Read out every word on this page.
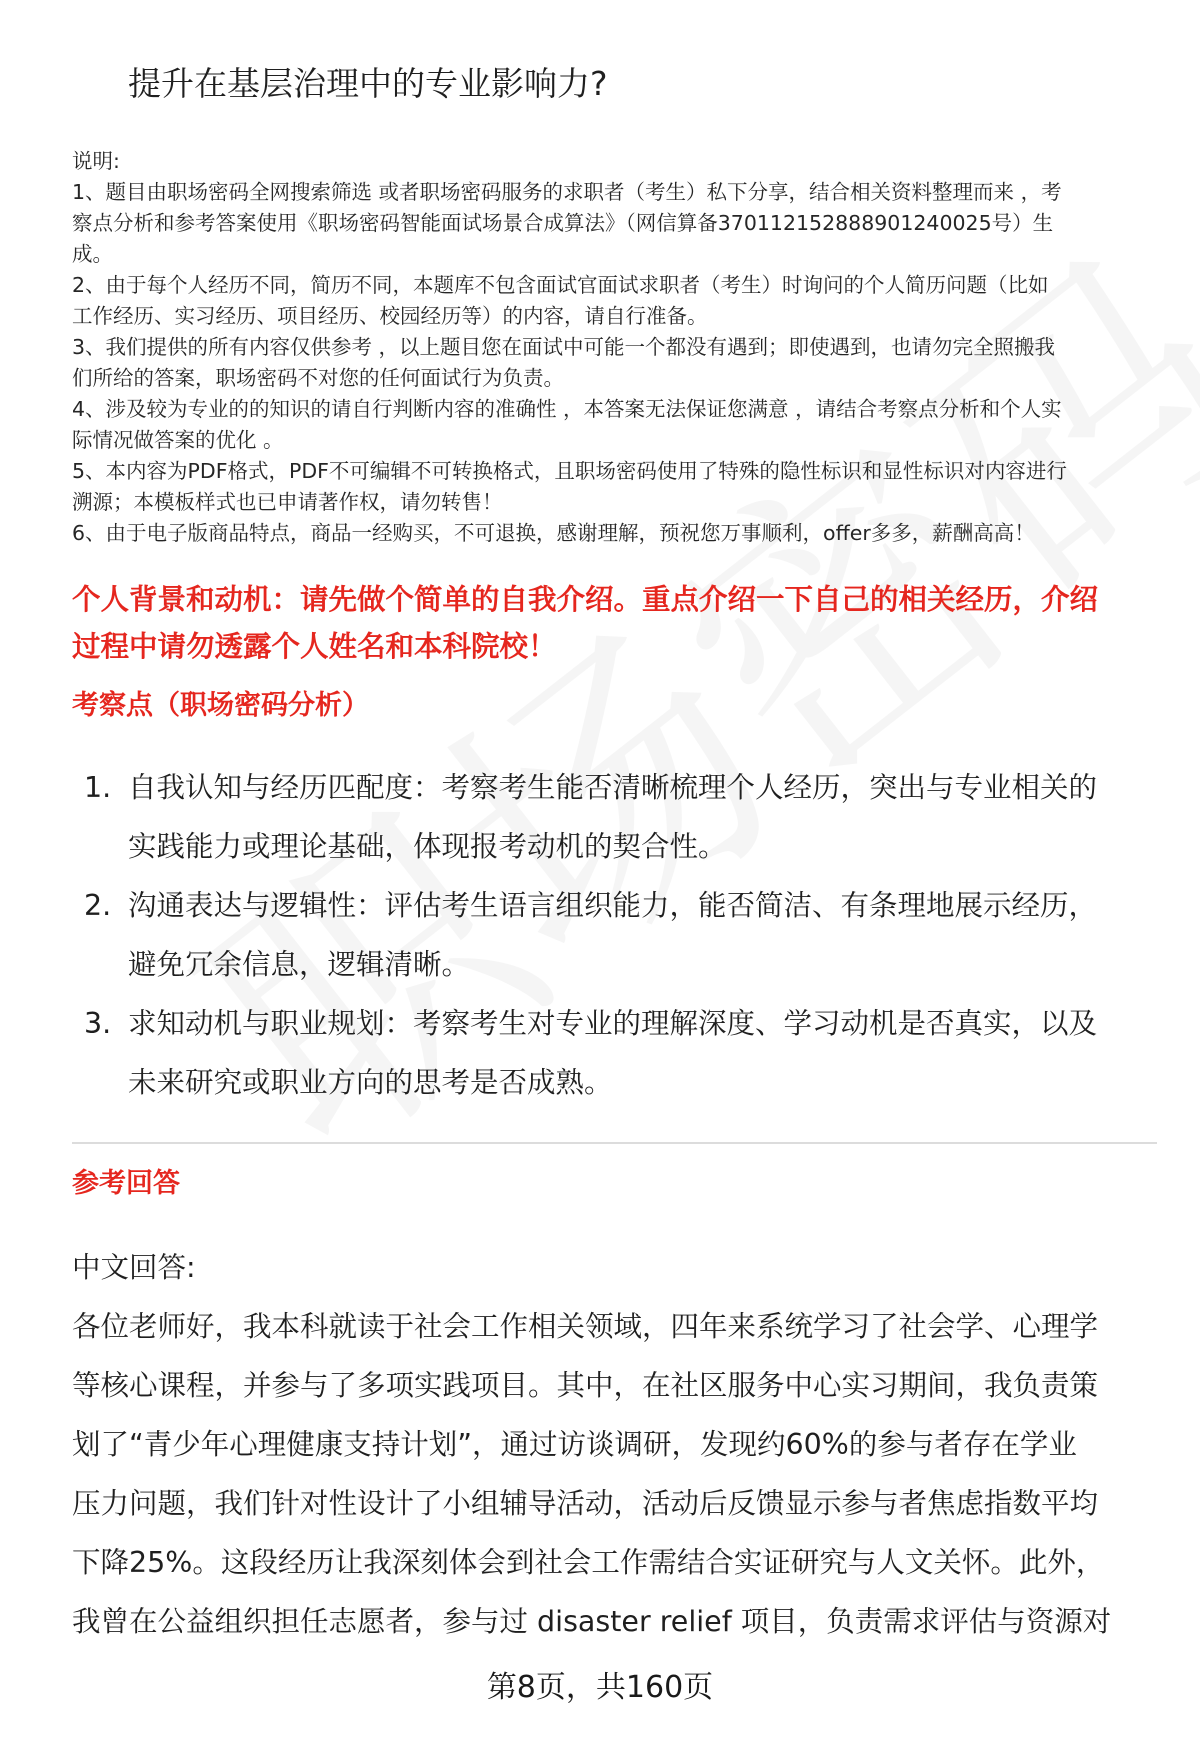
提升在基层治理中的专业影响力?
说明:
1、题目由职场密码全网搜索筛选 或者职场密码服务的求职者（考生）私下分享，结合相关资料整理而来 ，考
察点分析和参考答案使用《职场密码智能面试场景合成算法》（网信算备370112152888901240025号）生
成。
2、由于每个人经历不同，简历不同，本题库不包含面试官面试求职者（考生）时询问的个人简历问题（比如
工作经历、实习经历、项目经历、校园经历等）的内容，请自行准备。
3、我们提供的所有内容仅供参考 ，以上题目您在面试中可能一个都没有遇到；即使遇到，也请勿完全照搬我
们所给的答案，职场密码不对您的任何面试行为负责。
4、涉及较为专业的的知识的请自行判断内容的准确性 ，本答案无法保证您满意 ，请结合考察点分析和个人实
际情况做答案的优化 。
5、本内容为PDF格式，PDF不可编辑不可转换格式，且职场密码使用了特殊的隐性标识和显性标识对内容进行
溯源；本模板样式也已申请著作权，请勿转售！
6、由于电子版商品特点，商品一经购买，不可退换，感谢理解，预祝您万事顺利，offer多多，薪酬高高！
个人背景和动机：请先做个简单的自我介绍。重点介绍一下自己的相关经历，介绍
过程中请勿透露个人姓名和本科院校！
考察点（职场密码分析）
1. 自我认知与经历匹配度：考察考生能否清晰梳理个人经历，突出与专业相关的
实践能力或理论基础，体现报考动机的契合性。
2. 沟通表达与逻辑性：评估考生语言组织能力，能否简洁、有条理地展示经历，
避免冗余信息，逻辑清晰。
3. 求知动机与职业规划：考察考生对专业的理解深度、学习动机是否真实，以及
未来研究或职业方向的思考是否成熟。
参考回答
中文回答:
各位老师好，我本科就读于社会工作相关领域，四年来系统学习了社会学、心理学
等核心课程，并参与了多项实践项目。其中，在社区服务中心实习期间，我负责策
划了“青少年心理健康支持计划”，通过访谈调研，发现约60%的参与者存在学业
压力问题，我们针对性设计了小组辅导活动，活动后反馈显示参与者焦虑指数平均
下降25%。这段经历让我深刻体会到社会工作需结合实证研究与人文关怀。此外，
我曾在公益组织担任志愿者，参与过 disaster relief 项目，负责需求评估与资源对
第8页，共160页
